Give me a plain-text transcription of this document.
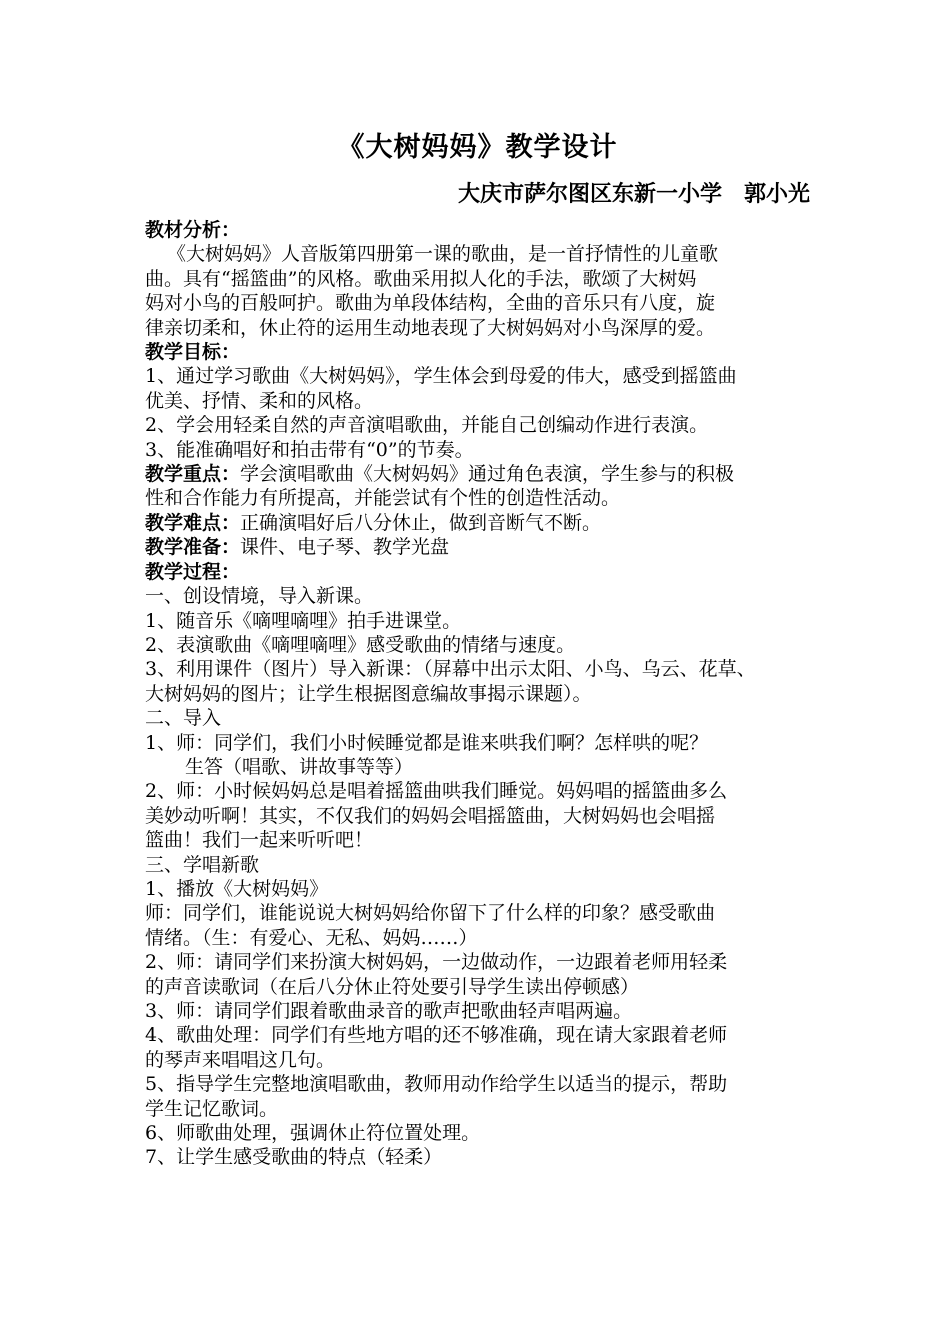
《大树妈妈》教学设计
大庆市萨尔图区东新一小学　郭小光
教材分析：
《大树妈妈》人音版第四册第一课的歌曲，是一首抒情性的儿童歌
曲。具有“摇篮曲”的风格。歌曲采用拟人化的手法，歌颂了大树妈
妈对小鸟的百般呵护。歌曲为单段体结构，全曲的音乐只有八度，旋
律亲切柔和，休止符的运用生动地表现了大树妈妈对小鸟深厚的爱。
教学目标：
1、通过学习歌曲《大树妈妈》，学生体会到母爱的伟大，感受到摇篮曲
优美、抒情、柔和的风格。
2、学会用轻柔自然的声音演唱歌曲，并能自己创编动作进行表演。
3、能准确唱好和拍击带有“0”的节奏。
教学重点：学会演唱歌曲《大树妈妈》通过角色表演，学生参与的积极
性和合作能力有所提高，并能尝试有个性的创造性活动。
教学难点：正确演唱好后八分休止，做到音断气不断。
教学准备：课件、电子琴、教学光盘
教学过程：
一、创设情境，导入新课。
1、随音乐《嘀哩嘀哩》拍手进课堂。
2、表演歌曲《嘀哩嘀哩》感受歌曲的情绪与速度。
3、利用课件（图片）导入新课：（屏幕中出示太阳、小鸟、乌云、花草、
大树妈妈的图片；让学生根据图意编故事揭示课题）。
二、导入
1、师：同学们，我们小时候睡觉都是谁来哄我们啊？怎样哄的呢？
生答（唱歌、讲故事等等）
2、师：小时候妈妈总是唱着摇篮曲哄我们睡觉。妈妈唱的摇篮曲多么
美妙动听啊！其实，不仅我们的妈妈会唱摇篮曲，大树妈妈也会唱摇
篮曲！我们一起来听听吧！
三、学唱新歌
1、播放《大树妈妈》
师：同学们，谁能说说大树妈妈给你留下了什么样的印象？感受歌曲
情绪。（生：有爱心、无私、妈妈……）
2、师：请同学们来扮演大树妈妈，一边做动作，一边跟着老师用轻柔
的声音读歌词（在后八分休止符处要引导学生读出停顿感）
3、师：请同学们跟着歌曲录音的歌声把歌曲轻声唱两遍。
4、歌曲处理：同学们有些地方唱的还不够准确，现在请大家跟着老师
的琴声来唱唱这几句。
5、指导学生完整地演唱歌曲，教师用动作给学生以适当的提示，帮助
学生记忆歌词。
6、师歌曲处理，强调休止符位置处理。
7、让学生感受歌曲的特点（轻柔）
